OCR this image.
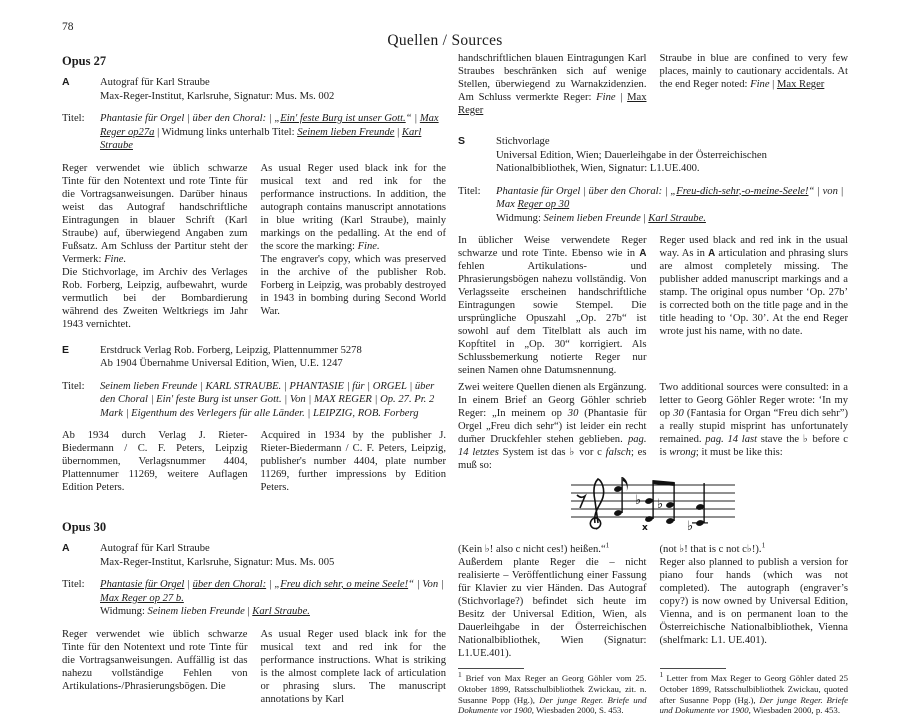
78
Quellen / Sources
Opus 27
A	Autograf für Karl Straube
Max-Reger-Institut, Karlsruhe, Signatur: Mus. Ms. 002
Titel:	Phantasie für Orgel | über den Choral: | „Ein' feste Burg ist unser Gott.“ | Max Reger op27a | Widmung links unterhalb Titel: Seinem lieben Freunde | Karl Straube

Reger verwendet wie üblich schwarze Tinte für den Notentext und rote Tinte für die Vortragsanweisungen. Darüber hinaus weist das Autograf handschriftliche Eintragungen in blauer Schrift (Karl Straube) auf, überwiegend Angaben zum Fußsatz. Am Schluss der Partitur steht der Vermerk: Fine.

Die Stichvorlage, im Archiv des Verlages Rob. Forberg, Leipzig, aufbewahrt, wurde vermutlich bei der Bombardierung während des Zweiten Weltkriegs im Jahr 1943 vernichtet.

As usual Reger used black ink for the musical text and red ink for the performance instructions. In addition, the autograph contains manuscript annotations in blue writing (Karl Straube), mainly markings on the pedalling. At the end of the score the marking: Fine.

The engraver's copy, which was preserved in the archive of the publisher Rob. Forberg in Leipzig, was probably destroyed in 1943 in bombing during Second World War.

E	Erstdruck Verlag Rob. Forberg, Leipzig, Plattennummer 5278
Ab 1904 Übernahme Universal Edition, Wien, U.E. 1247
Titel:	Seinem lieben Freunde | KARL STRAUBE. | PHANTASIE | für | ORGEL | über den Choral | Ein' feste Burg ist unser Gott. | Von | MAX REGER | Op. 27. Pr. 2 Mark | Eigenthum des Verlegers für alle Länder. | LEIPZIG, ROB. Forberg
Ab 1934 durch Verlag J. Rieter-Biedermann / C. F. Peters, Leipzig übernommen, Verlagsnummer 4404, Plattennumer 11269, weitere Auflagen Edition Peters.
Acquired in 1934 by the publisher J. Rieter-Biedermann / C. F. Peters, Leipzig, publisher's number 4404, plate number 11269, further impressions by Edition Peters.
Opus 30
A	Autograf für Karl Straube
Max-Reger-Institut, Karlsruhe, Signatur: Mus. Ms. 005
Titel:	Phantasie für Orgel | über den Choral: | „Freu dich sehr, o meine Seele!“ | Von | Max Reger op 27 b.
Widmung: Seinem lieben Freunde | Karl Straube.
Reger verwendet wie üblich schwarze Tinte für den Notentext und rote Tinte für die Vortragsanweisungen. Auffällig ist das nahezu vollständige Fehlen von Artikulations-/Phrasierungsbögen. Die
As usual Reger used black ink for the musical text and red ink for the performance instructions. What is striking is the almost complete lack of articulation or phrasing slurs. The manuscript annotations by Karl
handschriftlichen blauen Eintragungen Karl Straubes beschränken sich auf wenige Stellen, überwiegend zu Warnakzidenzien. Am Schluss vermerkte Reger: Fine | Max Reger
Straube in blue are confined to very few places, mainly to cautionary accidentals. At the end Reger noted: Fine | Max Reger
S	Stichvorlage
Universal Edition, Wien; Dauerleihgabe in der Österreichischen Nationalbibliothek, Wien, Signatur: L1.UE.400.
Titel:	Phantasie für Orgel | über den Choral: | „Freu-dich-sehr,-o-meine-Seele!“ | von | Max Reger op 30
Widmung: Seinem lieben Freunde | Karl Straube.
In üblicher Weise verwendete Reger schwarze und rote Tinte. Ebenso wie in A fehlen Artikulations- und Phrasierungsbögen nahezu vollständig. Von Verlagsseite erscheinen handschriftliche Eintragungen sowie Stempel. Die ursprüngliche Opuszahl „Op. 27b“ ist sowohl auf dem Titelblatt als auch im Kopftitel in „Op. 30“ korrigiert. Als Schlussbemerkung notierte Reger nur seinen Namen ohne Datumsnennung.
Reger used black and red ink in the usual way. As in A articulation and phrasing slurs are almost completely missing. The publisher added manuscript markings and a stamp. The original opus number ‘Op. 27b’ is corrected both on the title page and in the title heading to ‘Op. 30’. At the end Reger wrote just his name, with no date.
Zwei weitere Quellen dienen als Ergänzung. In einem Brief an Georg Göhler schrieb Reger: „In meinem op 30 (Phantasie für Orgel „Freu dich sehr“) ist leider ein recht dum̄er Druckfehler stehen geblieben. pag. 14 letztes System ist das ♭ vor c falsch; es muß so:
Two additional sources were consulted: in a letter to Georg Göhler Reger wrote: ‘In my op 30 (Fantasia for Organ “Freu dich sehr”) a really stupid misprint has unfortunately remained. pag. 14 last stave the ♭ before c is wrong; it must be like this:
♭
x
♭
♭

(Kein ♭! also c nicht ces!) heißen.“$^1$

Außerdem plante Reger die – nicht realisierte – Veröffentlichung einer Fassung für Klavier zu vier Händen. Das Autograf (Stichvorlage?) befindet sich heute im Besitz der Universal Edition, Wien, als Dauerleihgabe in der Österreichischen Nationalbibliothek, Wien (Signatur: L1.UE.401).

(not ♭! that is c not c♭!).$^1$

Reger also planned to publish a version for piano four hands (which was not completed). The autograph (engraver’s copy?) is now owned by Universal Edition, Vienna, and is on permanent loan to the Österreichische Nationalbibliothek, Vienna (shelfmark: L1. UE.401).

$^1$ Brief von Max Reger an Georg Göhler vom 25. Oktober 1899, Ratsschulbibliothek Zwickau, zit. n. Susanne Popp (Hg.), Der junge Reger. Briefe und Dokumente vor 1900, Wiesbaden 2000, S. 453.
$^1$ Letter from Max Reger to Georg Göhler dated 25 October 1899, Ratsschulbibliothek Zwickau, quoted after Susanne Popp (Hg.), Der junge Reger. Briefe und Dokumente vor 1900, Wiesbaden 2000, p. 453.
